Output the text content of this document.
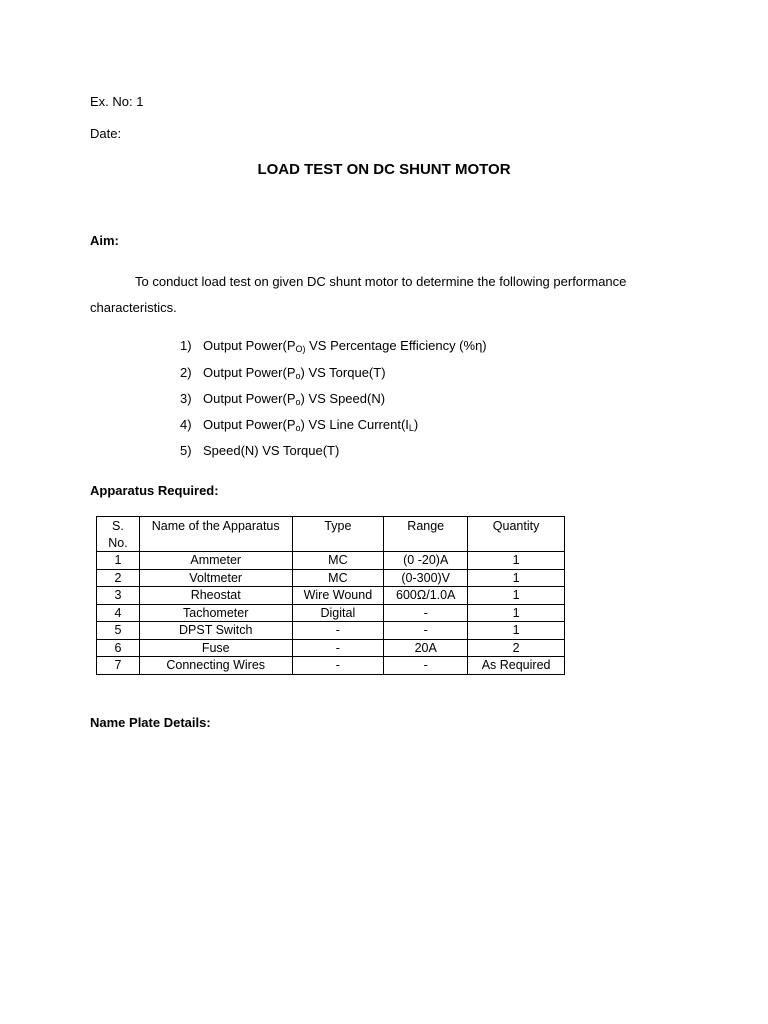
Ex. No: 1
Date:
LOAD TEST ON DC SHUNT MOTOR
Aim:
To conduct load test on given DC shunt motor to determine the following performance
characteristics.
1) Output $Power(P_{O)}$ VS Percentage Efficiency (%η)
2) Output $Power(P_o)$ VS Torque(T)
3) Output $Power(P_o)$ VS Speed(N)
4) Output $Power(P_o)$ VS Line $Current(I_L)$
5) Speed(N) VS Torque(T)
Apparatus Required:
S. No.	Name of the Apparatus	Type	Range	Quantity
1	Ammeter	MC	(0 -20)A	1
2	Voltmeter	MC	(0-300)V	1
3	Rheostat	Wire Wound	600Ω/1.0A	1
4	Tachometer	Digital	-	1
5	DPST Switch	-	-	1
6	Fuse	-	20A	2
7	Connecting Wires	-	-	As Required
Name Plate Details:
